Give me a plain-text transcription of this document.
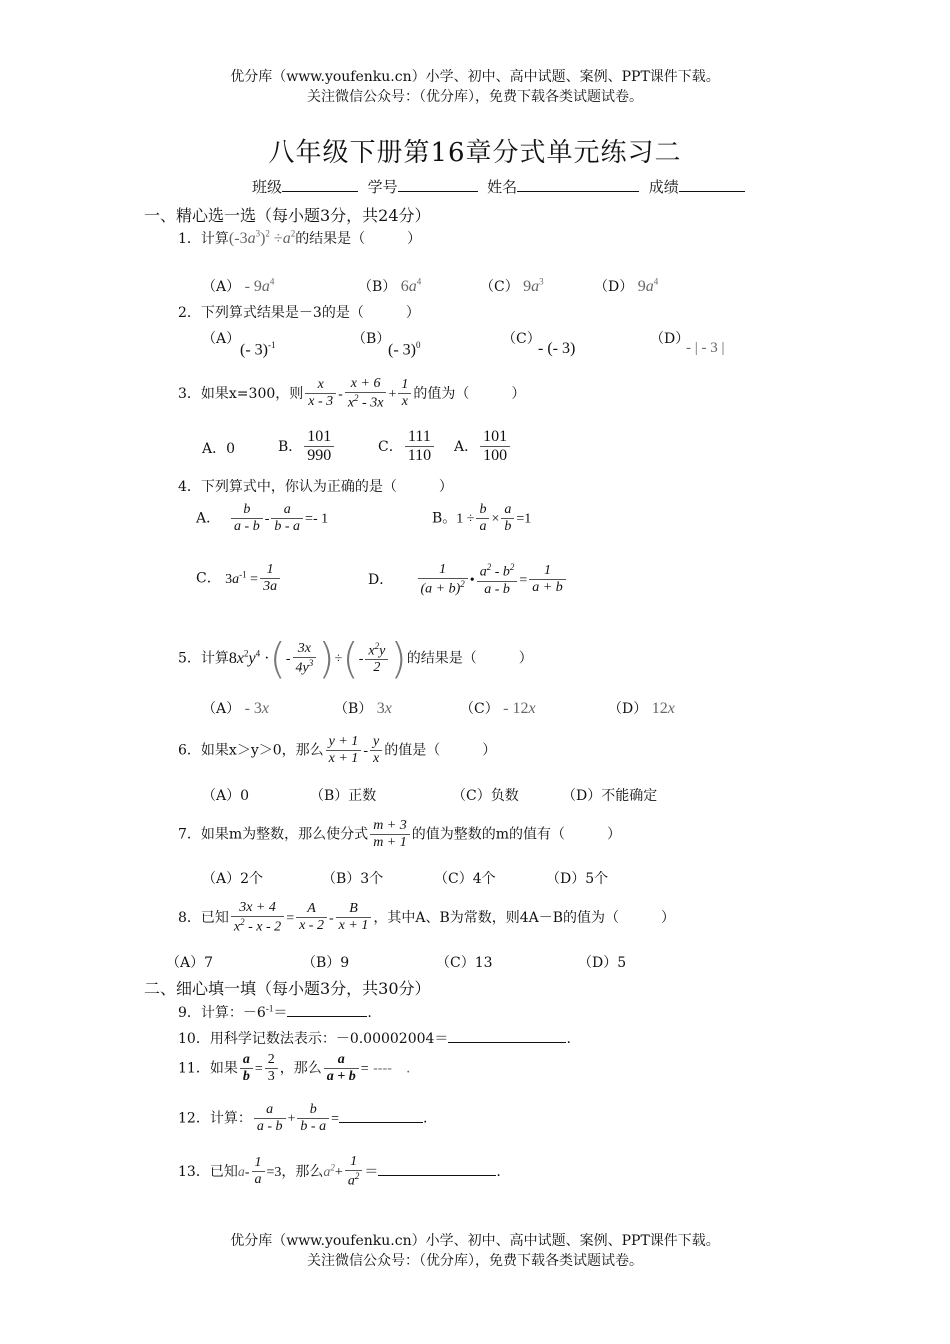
优分库（www.youfenku.cn）小学、初中、高中试题、案例、PPT课件下载。
关注微信公众号：（优分库），免费下载各类试题试卷。
八年级下册第16章分式单元练习二
班级	学号	姓名	成绩
一、精心选一选（每小题3分，共24分）
1．计算$(-3a^3)^2 \div a^2$的结果是（　　　）
$(A) - 9a^4$	（B） $6a^4$	（C） $9a^3$	（D） $9a^4$
2．下列算式结果是－3的是（　　　）
（A）
(- 3)$^{-1}$	（B）
(- 3)$^0$	（C）
- (- 3)
（D）
- | - 3 |
3．如果x=300，则 $\frac{x}{x - 3} - \frac{x + 6}{x^2 - 3x} + \frac{1}{x}$ 的值为（　　　）
A．0	B． $\frac{101}{990}$	C． $\frac{111}{110}$ A． $\frac{101}{100}$
4．下列算式中，你认为正确的是（　　　）
A． $\frac{b}{a - b} - \frac{a}{b - a} =- 1$	B。$1 \div \frac{b}{a} \times \frac{a}{b} =1$
C． $3a^{-1} = \frac{1}{3a}$	D． $\frac{1}{(a + b)^2}$ • $\frac{a^2 - b^2}{a - b} = \frac{1}{a + b}$
5．计算$8x^2y^4$ ·(- $\frac{3x}{4y^3}$ )÷(- $\frac{x^2y}{2}$ )的结果是（　　　）
（A） - 3x	（B） 3x	（C） - 12x	（D） 12x
6．如果x＞y＞0，那么 $\frac{y + 1}{x + 1} - \frac{y}{x}$ 的值是（　　　）
（A）0	（B）正数	（C）负数	（D）不能确定
7．如果m为整数，那么使分式 $\frac{m + 3}{m + 1}$ 的值为整数的m的值有（　　　）
（A）2个	（B）3个	（C）4个	（D）5个
8．已知 $\frac{3x + 4}{x^2 - x - 2} = \frac{A}{x - 2} - \frac{B}{x + 1}$ ，其中A、B为常数，则4A－B的值为（　　　）
（A）7	（B）9	（C）13	（D）5
二、细心填一填（每小题3分，共30分）
9．计算：$-6^{-1}=$	.
10．用科学记数法表示：－0.00002004＝	.
11．如果 $\frac{a}{b} = \frac{2}{3}$ ，那么 $\frac{a}{a + b}$ = ----　.
12．计算： $\frac{a}{a - b} + \frac{b}{b - a}$ =	.
13．已知$a- \frac{1}{a} =3$，那么$a^2+ \frac{1}{a^2}$ ＝	.
优分库（www.youfenku.cn）小学、初中、高中试题、案例、PPT课件下载。
关注微信公众号：（优分库），免费下载各类试题试卷。
